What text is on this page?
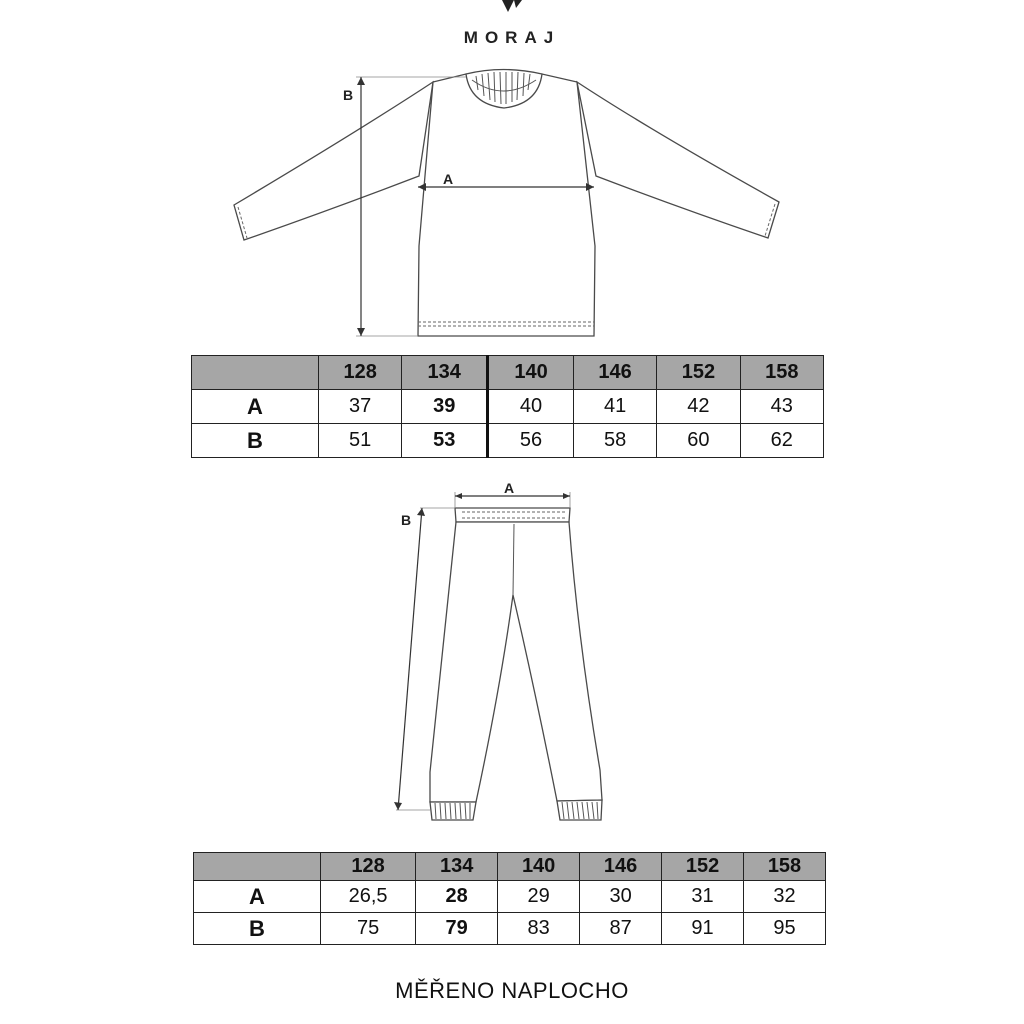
MORAJ
A
B
	128	134	140	146	152	158
A	37	39	40	41	42	43
B	51	53	56	58	60	62
A
B
	128	134	140	146	152	158
A	26,5	28	29	30	31	32
B	75	79	83	87	91	95
MĚŘENO NAPLOCHO
